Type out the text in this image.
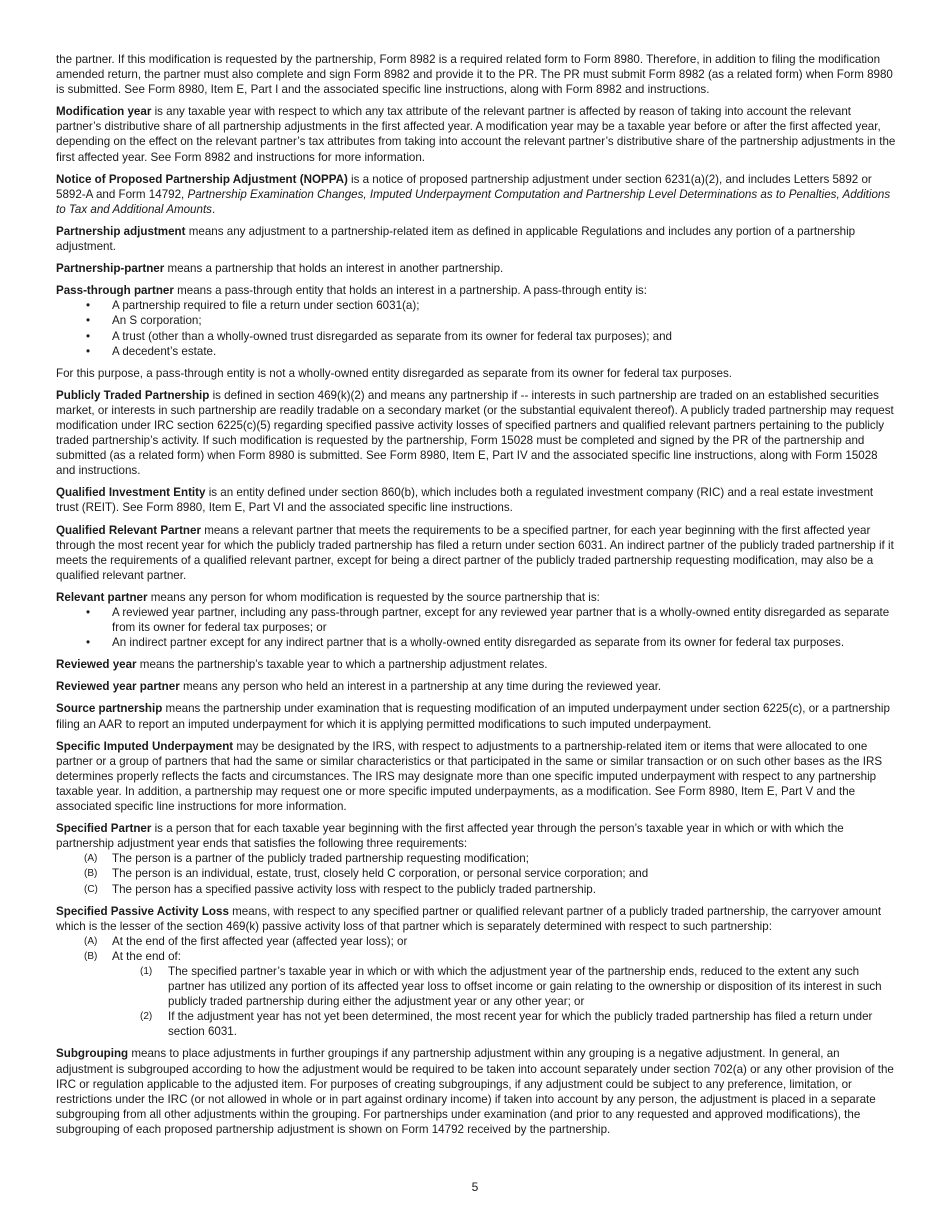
the partner. If this modification is requested by the partnership, Form 8982 is a required related form to Form 8980. Therefore, in addition to filing the modification amended return, the partner must also complete and sign Form 8982 and provide it to the PR. The PR must submit Form 8982 (as a related form) when Form 8980 is submitted. See Form 8980, Item E, Part I and the associated specific line instructions, along with Form 8982 and instructions.

Modification year is any taxable year with respect to which any tax attribute of the relevant partner is affected by reason of taking into account the relevant partner’s distributive share of all partnership adjustments in the first affected year. A modification year may be a taxable year before or after the first affected year, depending on the effect on the relevant partner’s tax attributes from taking into account the relevant partner’s distributive share of the partnership adjustments in the first affected year. See Form 8982 and instructions for more information.

Notice of Proposed Partnership Adjustment (NOPPA) is a notice of proposed partnership adjustment under section 6231(a)(2), and includes Letters 5892 or 5892-A and Form 14792, Partnership Examination Changes, Imputed Underpayment Computation and Partnership Level Determinations as to Penalties, Additions to Tax and Additional Amounts.

Partnership adjustment means any adjustment to a partnership-related item as defined in applicable Regulations and includes any portion of a partnership adjustment.

Partnership-partner means a partnership that holds an interest in another partnership.

Pass-through partner means a pass-through entity that holds an interest in a partnership. A pass-through entity is:

• A partnership required to file a return under section 6031(a);
• An S corporation;
• A trust (other than a wholly-owned trust disregarded as separate from its owner for federal tax purposes); and
• A decedent’s estate.

For this purpose, a pass-through entity is not a wholly-owned entity disregarded as separate from its owner for federal tax purposes.

Publicly Traded Partnership is defined in section 469(k)(2) and means any partnership if -- interests in such partnership are traded on an established securities market, or interests in such partnership are readily tradable on a secondary market (or the substantial equivalent thereof). A publicly traded partnership may request modification under IRC section 6225(c)(5) regarding specified passive activity losses of specified partners and qualified relevant partners pertaining to the publicly traded partnership’s activity. If such modification is requested by the partnership, Form 15028 must be completed and signed by the PR of the partnership and submitted (as a related form) when Form 8980 is submitted. See Form 8980, Item E, Part IV and the associated specific line instructions, along with Form 15028 and instructions.

Qualified Investment Entity is an entity defined under section 860(b), which includes both a regulated investment company (RIC) and a real estate investment trust (REIT). See Form 8980, Item E, Part VI and the associated specific line instructions.

Qualified Relevant Partner means a relevant partner that meets the requirements to be a specified partner, for each year beginning with the first affected year through the most recent year for which the publicly traded partnership has filed a return under section 6031. An indirect partner of the publicly traded partnership if it meets the requirements of a qualified relevant partner, except for being a direct partner of the publicly traded partnership requesting modification, may also be a qualified relevant partner.

Relevant partner means any person for whom modification is requested by the source partnership that is:

• A reviewed year partner, including any pass-through partner, except for any reviewed year partner that is a wholly-owned entity disregarded as separate from its owner for federal tax purposes; or
• An indirect partner except for any indirect partner that is a wholly-owned entity disregarded as separate from its owner for federal tax purposes.

Reviewed year means the partnership’s taxable year to which a partnership adjustment relates.

Reviewed year partner means any person who held an interest in a partnership at any time during the reviewed year.

Source partnership means the partnership under examination that is requesting modification of an imputed underpayment under section 6225(c), or a partnership filing an AAR to report an imputed underpayment for which it is applying permitted modifications to such imputed underpayment.

Specific Imputed Underpayment may be designated by the IRS, with respect to adjustments to a partnership-related item or items that were allocated to one partner or a group of partners that had the same or similar characteristics or that participated in the same or similar transaction or on such other bases as the IRS determines properly reflects the facts and circumstances. The IRS may designate more than one specific imputed underpayment with respect to any partnership taxable year. In addition, a partnership may request one or more specific imputed underpayments, as a modification. See Form 8980, Item E, Part V and the associated specific line instructions for more information.

Specified Partner is a person that for each taxable year beginning with the first affected year through the person’s taxable year in which or with which the partnership adjustment year ends that satisfies the following three requirements:

(A) The person is a partner of the publicly traded partnership requesting modification;
(B) The person is an individual, estate, trust, closely held C corporation, or personal service corporation; and
(C) The person has a specified passive activity loss with respect to the publicly traded partnership.

Specified Passive Activity Loss means, with respect to any specified partner or qualified relevant partner of a publicly traded partnership, the carryover amount which is the lesser of the section 469(k) passive activity loss of that partner which is separately determined with respect to such partnership:

(A) At the end of the first affected year (affected year loss); or
(B) At the end of:
(1) The specified partner’s taxable year in which or with which the adjustment year of the partnership ends, reduced to the extent any such partner has utilized any portion of its affected year loss to offset income or gain relating to the ownership or disposition of its interest in such publicly traded partnership during either the adjustment year or any other year; or
(2) If the adjustment year has not yet been determined, the most recent year for which the publicly traded partnership has filed a return under section 6031.

Subgrouping means to place adjustments in further groupings if any partnership adjustment within any grouping is a negative adjustment. In general, an adjustment is subgrouped according to how the adjustment would be required to be taken into account separately under section 702(a) or any other provision of the IRC or regulation applicable to the adjusted item. For purposes of creating subgroupings, if any adjustment could be subject to any preference, limitation, or restrictions under the IRC (or not allowed in whole or in part against ordinary income) if taken into account by any person, the adjustment is placed in a separate subgrouping from all other adjustments within the grouping. For partnerships under examination (and prior to any requested and approved modifications), the subgrouping of each proposed partnership adjustment is shown on Form 14792 received by the partnership.

5
